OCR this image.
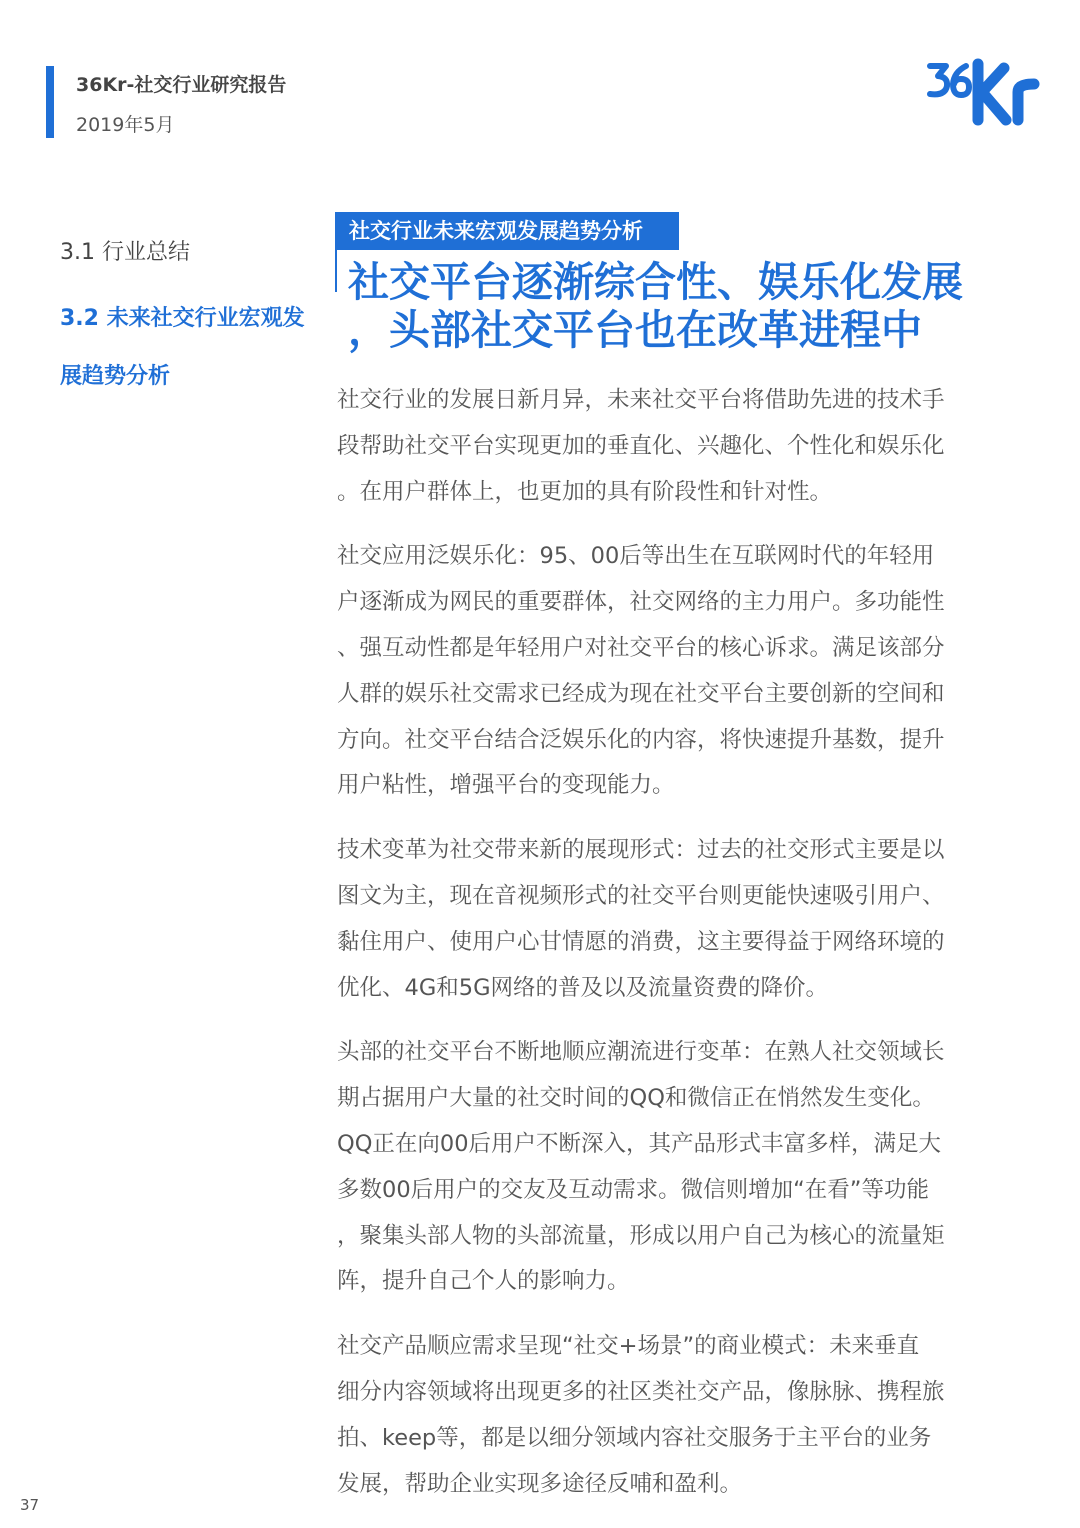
36Kr-社交行业研究报告
2019年5月
3.1 行业总结
3.2 未来社交行业宏观发展趋势分析
社交行业未来宏观发展趋势分析
社交平台逐渐综合性、娱乐化发展
，头部社交平台也在改革进程中
社交行业的发展日新月异，未来社交平台将借助先进的技术手
段帮助社交平台实现更加的垂直化、兴趣化、个性化和娱乐化
。在用户群体上，也更加的具有阶段性和针对性。
社交应用泛娱乐化：95、00后等出生在互联网时代的年轻用
户逐渐成为网民的重要群体，社交网络的主力用户。多功能性
、强互动性都是年轻用户对社交平台的核心诉求。满足该部分
人群的娱乐社交需求已经成为现在社交平台主要创新的空间和
方向。社交平台结合泛娱乐化的内容，将快速提升基数，提升
用户粘性，增强平台的变现能力。
技术变革为社交带来新的展现形式：过去的社交形式主要是以
图文为主，现在音视频形式的社交平台则更能快速吸引用户、
黏住用户、使用户心甘情愿的消费，这主要得益于网络环境的
优化、4G和5G网络的普及以及流量资费的降价。
头部的社交平台不断地顺应潮流进行变革：在熟人社交领域长
期占据用户大量的社交时间的QQ和微信正在悄然发生变化。
QQ正在向00后用户不断深入，其产品形式丰富多样，满足大
多数00后用户的交友及互动需求。微信则增加“在看”等功能
，聚集头部人物的头部流量，形成以用户自己为核心的流量矩
阵，提升自己个人的影响力。
社交产品顺应需求呈现“社交+场景”的商业模式：未来垂直
细分内容领域将出现更多的社区类社交产品，像脉脉、携程旅
拍、keep等，都是以细分领域内容社交服务于主平台的业务
发展，帮助企业实现多途径反哺和盈利。
37
